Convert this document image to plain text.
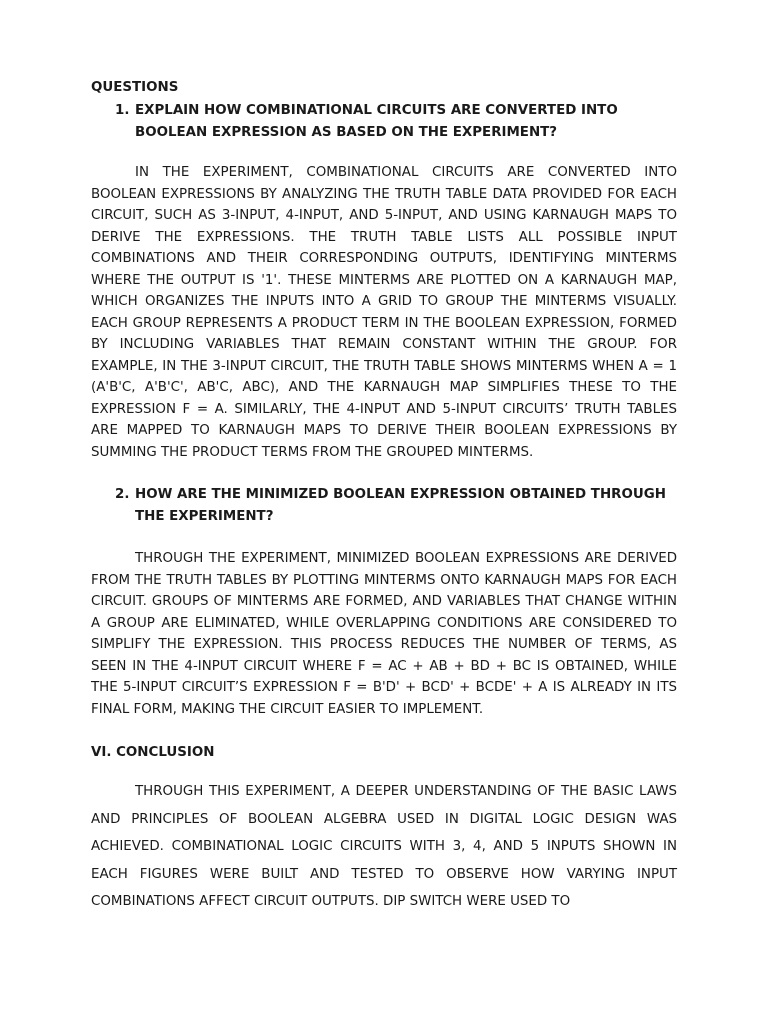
QUESTIONS

1. EXPLAIN HOW COMBINATIONAL CIRCUITS ARE CONVERTED INTO BOOLEAN EXPRESSION AS BASED ON THE EXPERIMENT?

IN THE EXPERIMENT, COMBINATIONAL CIRCUITS ARE CONVERTED INTO BOOLEAN EXPRESSIONS BY ANALYZING THE TRUTH TABLE DATA PROVIDED FOR EACH CIRCUIT, SUCH AS 3-INPUT, 4-INPUT, AND 5-INPUT, AND USING KARNAUGH MAPS TO DERIVE THE EXPRESSIONS. THE TRUTH TABLE LISTS ALL POSSIBLE INPUT COMBINATIONS AND THEIR CORRESPONDING OUTPUTS, IDENTIFYING MINTERMS WHERE THE OUTPUT IS '1'. THESE MINTERMS ARE PLOTTED ON A KARNAUGH MAP, WHICH ORGANIZES THE INPUTS INTO A GRID TO GROUP THE MINTERMS VISUALLY. EACH GROUP REPRESENTS A PRODUCT TERM IN THE BOOLEAN EXPRESSION, FORMED BY INCLUDING VARIABLES THAT REMAIN CONSTANT WITHIN THE GROUP. FOR EXAMPLE, IN THE 3-INPUT CIRCUIT, THE TRUTH TABLE SHOWS MINTERMS WHEN A = 1 (A'B'C, A'B'C', AB'C, ABC), AND THE KARNAUGH MAP SIMPLIFIES THESE TO THE EXPRESSION F = A. SIMILARLY, THE 4-INPUT AND 5-INPUT CIRCUITS’ TRUTH TABLES ARE MAPPED TO KARNAUGH MAPS TO DERIVE THEIR BOOLEAN EXPRESSIONS BY SUMMING THE PRODUCT TERMS FROM THE GROUPED MINTERMS.

2. HOW ARE THE MINIMIZED BOOLEAN EXPRESSION OBTAINED THROUGH THE EXPERIMENT?

THROUGH THE EXPERIMENT, MINIMIZED BOOLEAN EXPRESSIONS ARE DERIVED FROM THE TRUTH TABLES BY PLOTTING MINTERMS ONTO KARNAUGH MAPS FOR EACH CIRCUIT. GROUPS OF MINTERMS ARE FORMED, AND VARIABLES THAT CHANGE WITHIN A GROUP ARE ELIMINATED, WHILE OVERLAPPING CONDITIONS ARE CONSIDERED TO SIMPLIFY THE EXPRESSION. THIS PROCESS REDUCES THE NUMBER OF TERMS, AS SEEN IN THE 4-INPUT CIRCUIT WHERE F = AC + AB + BD + BC IS OBTAINED, WHILE THE 5-INPUT CIRCUIT’S EXPRESSION F = B'D' + BCD' + BCDE' + A IS ALREADY IN ITS FINAL FORM, MAKING THE CIRCUIT EASIER TO IMPLEMENT.

VI. CONCLUSION

THROUGH THIS EXPERIMENT, A DEEPER UNDERSTANDING OF THE BASIC LAWS AND PRINCIPLES OF BOOLEAN ALGEBRA USED IN DIGITAL LOGIC DESIGN WAS ACHIEVED. COMBINATIONAL LOGIC CIRCUITS WITH 3, 4, AND 5 INPUTS SHOWN IN EACH FIGURES WERE BUILT AND TESTED TO OBSERVE HOW VARYING INPUT COMBINATIONS AFFECT CIRCUIT OUTPUTS. DIP SWITCH WERE USED TO
